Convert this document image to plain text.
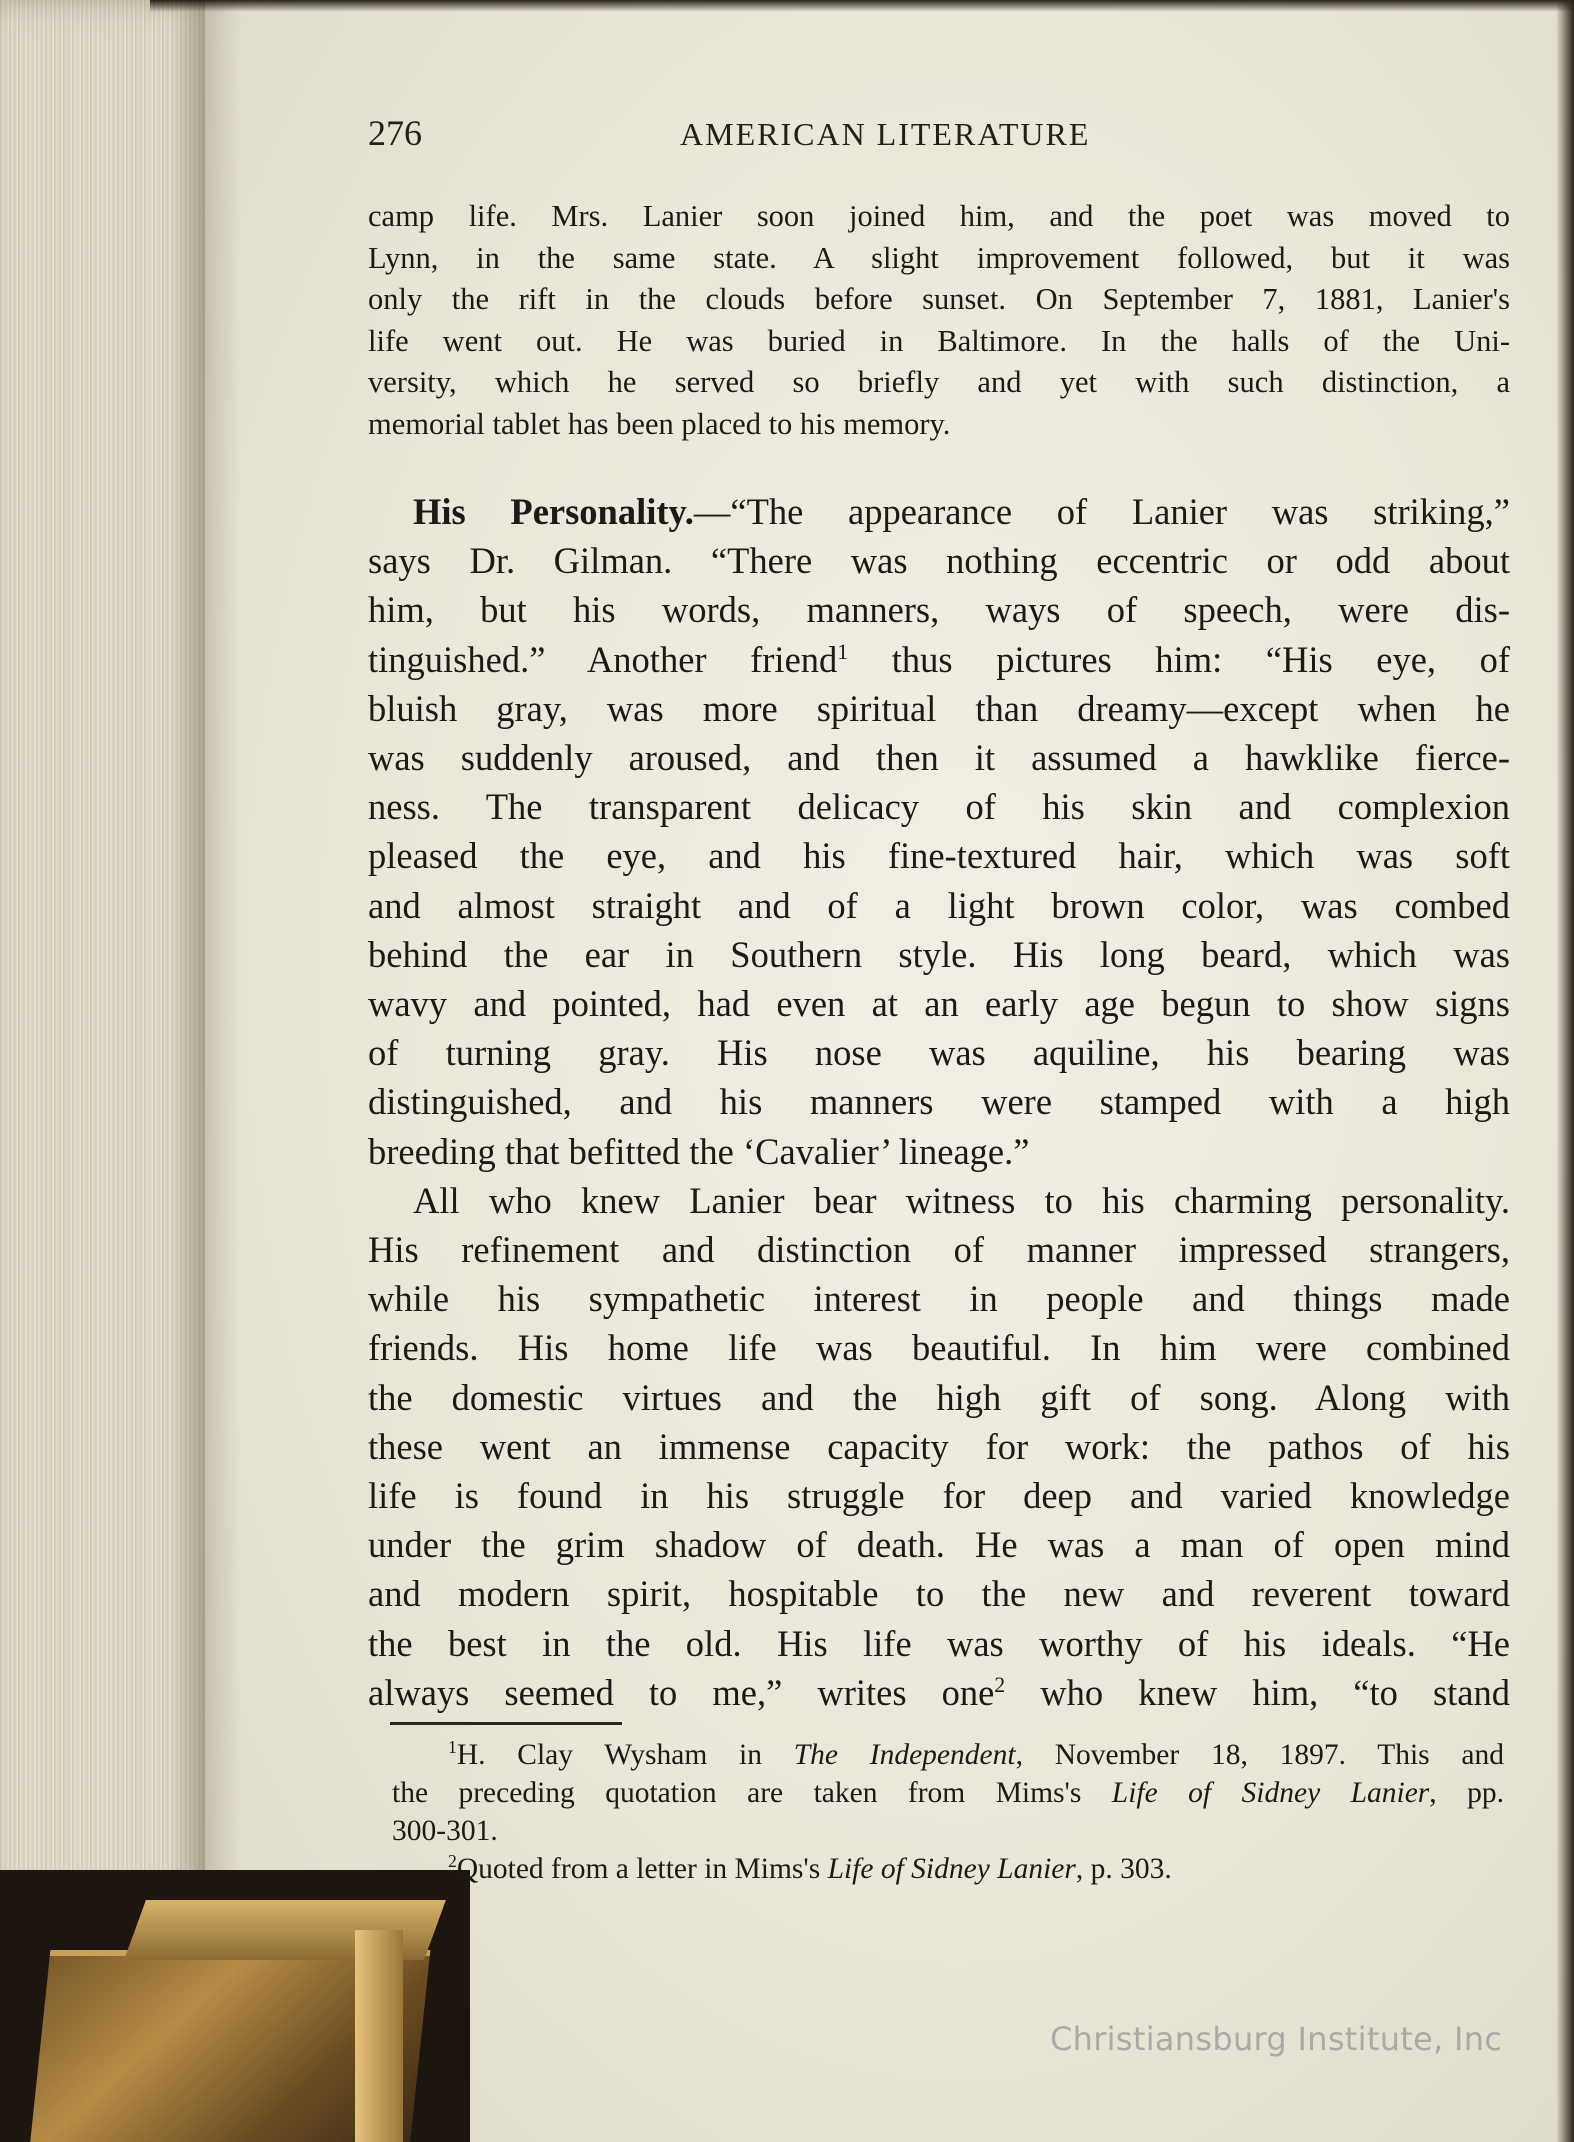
276	AMERICAN LITERATURE
camp life. Mrs. Lanier soon joined him, and the poet was moved to
Lynn, in the same state. A slight improvement followed, but it was
only the rift in the clouds before sunset. On September 7, 1881, Lanier's
life went out. He was buried in Baltimore. In the halls of the Uni-
versity, which he served so briefly and yet with such distinction, a
memorial tablet has been placed to his memory.
His Personality.—“The appearance of Lanier was striking,”
says Dr. Gilman. “There was nothing eccentric or odd about
him, but his words, manners, ways of speech, were dis-
tinguished.” Another friend$^1$ thus pictures him: “His eye, of
bluish gray, was more spiritual than dreamy—except when he
was suddenly aroused, and then it assumed a hawklike fierce-
ness. The transparent delicacy of his skin and complexion
pleased the eye, and his fine-textured hair, which was soft
and almost straight and of a light brown color, was combed
behind the ear in Southern style. His long beard, which was
wavy and pointed, had even at an early age begun to show signs
of turning gray. His nose was aquiline, his bearing was
distinguished, and his manners were stamped with a high
breeding that befitted the ‘Cavalier’ lineage.”
All who knew Lanier bear witness to his charming personality.
His refinement and distinction of manner impressed strangers,
while his sympathetic interest in people and things made
friends. His home life was beautiful. In him were combined
the domestic virtues and the high gift of song. Along with
these went an immense capacity for work: the pathos of his
life is found in his struggle for deep and varied knowledge
under the grim shadow of death. He was a man of open mind
and modern spirit, hospitable to the new and reverent toward
the best in the old. His life was worthy of his ideals. “He
always seemed to me,” writes one$^2$ who knew him, “to stand
$^1$H. Clay Wysham in The Independent, November 18, 1897. This and
the preceding quotation are taken from Mims's Life of Sidney Lanier, pp.
300-301.
$^2$Quoted from a letter in Mims's Life of Sidney Lanier, p. 303.
Christiansburg Institute, Inc
